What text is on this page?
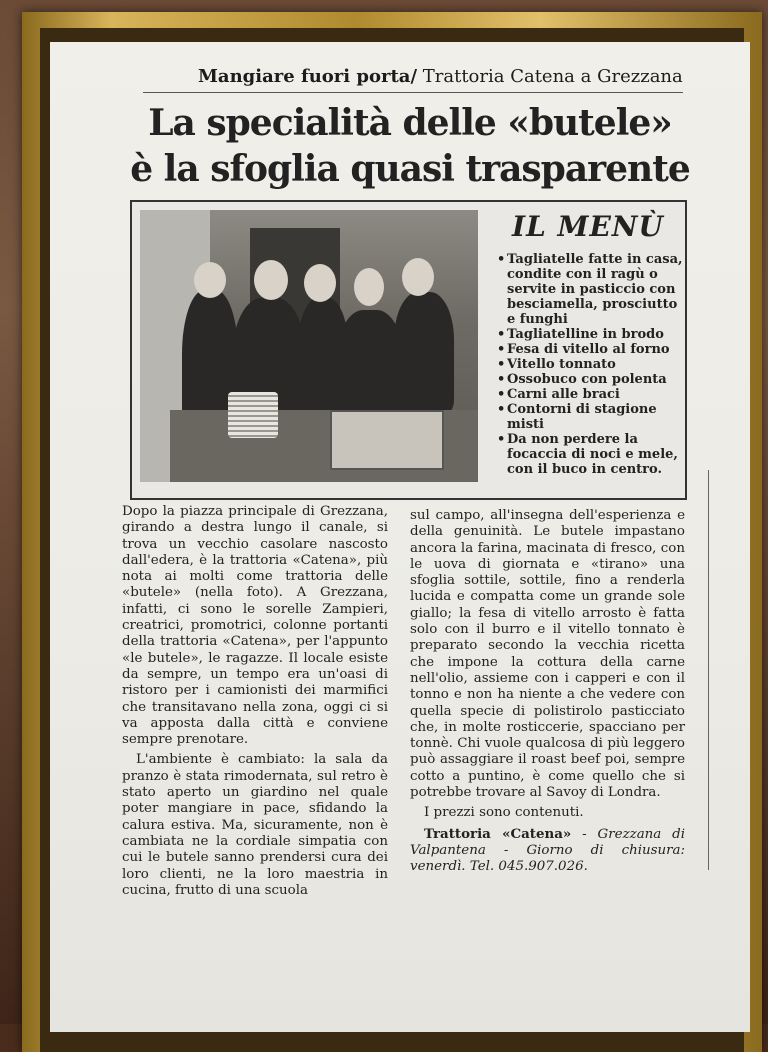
Mangiare fuori porta/ Trattoria Catena a Grezzana
La specialità delle «butele»
è la sfoglia quasi trasparente
IL MENÙ
• Tagliatelle fatte in casa, condite con il ragù o servite in pasticcio con besciamella, prosciutto e funghi
• Tagliatelline in brodo
• Fesa di vitello al forno
• Vitello tonnato
• Ossobuco con polenta
• Carni alle braci
• Contorni di stagione misti
• Da non perdere la focaccia di noci e mele, con il buco in centro.

Dopo la piazza principale di Grezzana, girando a destra lungo il canale, si trova un vecchio casolare nascosto dall'edera, è la trattoria «Catena», più nota ai molti come trattoria delle «butele» (nella foto). A Grezzana, infatti, ci sono le sorelle Zampieri, creatrici, promotrici, colonne portanti della trattoria «Catena», per l'appunto «le butele», le ragazze. Il locale esiste da sempre, un tempo era un'oasi di ristoro per i camionisti dei marmifici che transitavano nella zona, oggi ci si va apposta dalla città e conviene sempre prenotare.

L'ambiente è cambiato: la sala da pranzo è stata rimodernata, sul retro è stato aperto un giardino nel quale poter mangiare in pace, sfidando la calura estiva. Ma, sicuramente, non è cambiata ne la cordiale simpatia con cui le butele sanno prendersi cura dei loro clienti, ne la loro maestria in cucina, frutto di una scuola

sul campo, all'insegna dell'esperienza e della genuinità. Le butele impastano ancora la farina, macinata di fresco, con le uova di giornata e «tirano» una sfoglia sottile, sottile, fino a renderla lucida e compatta come un grande sole giallo; la fesa di vitello arrosto è fatta solo con il burro e il vitello tonnato è preparato secondo la vecchia ricetta che impone la cottura della carne nell'olio, assieme con i capperi e con il tonno e non ha niente a che vedere con quella specie di polistirolo pasticciato che, in molte rosticcerie, spacciano per tonnè. Chi vuole qualcosa di più leggero può assaggiare il roast beef poi, sempre cotto a puntino, è come quello che si potrebbe trovare al Savoy di Londra.

I prezzi sono contenuti.

Trattoria «Catena» - Grezzana di Valpantena - Giorno di chiusura: venerdì. Tel. 045.907.026.
